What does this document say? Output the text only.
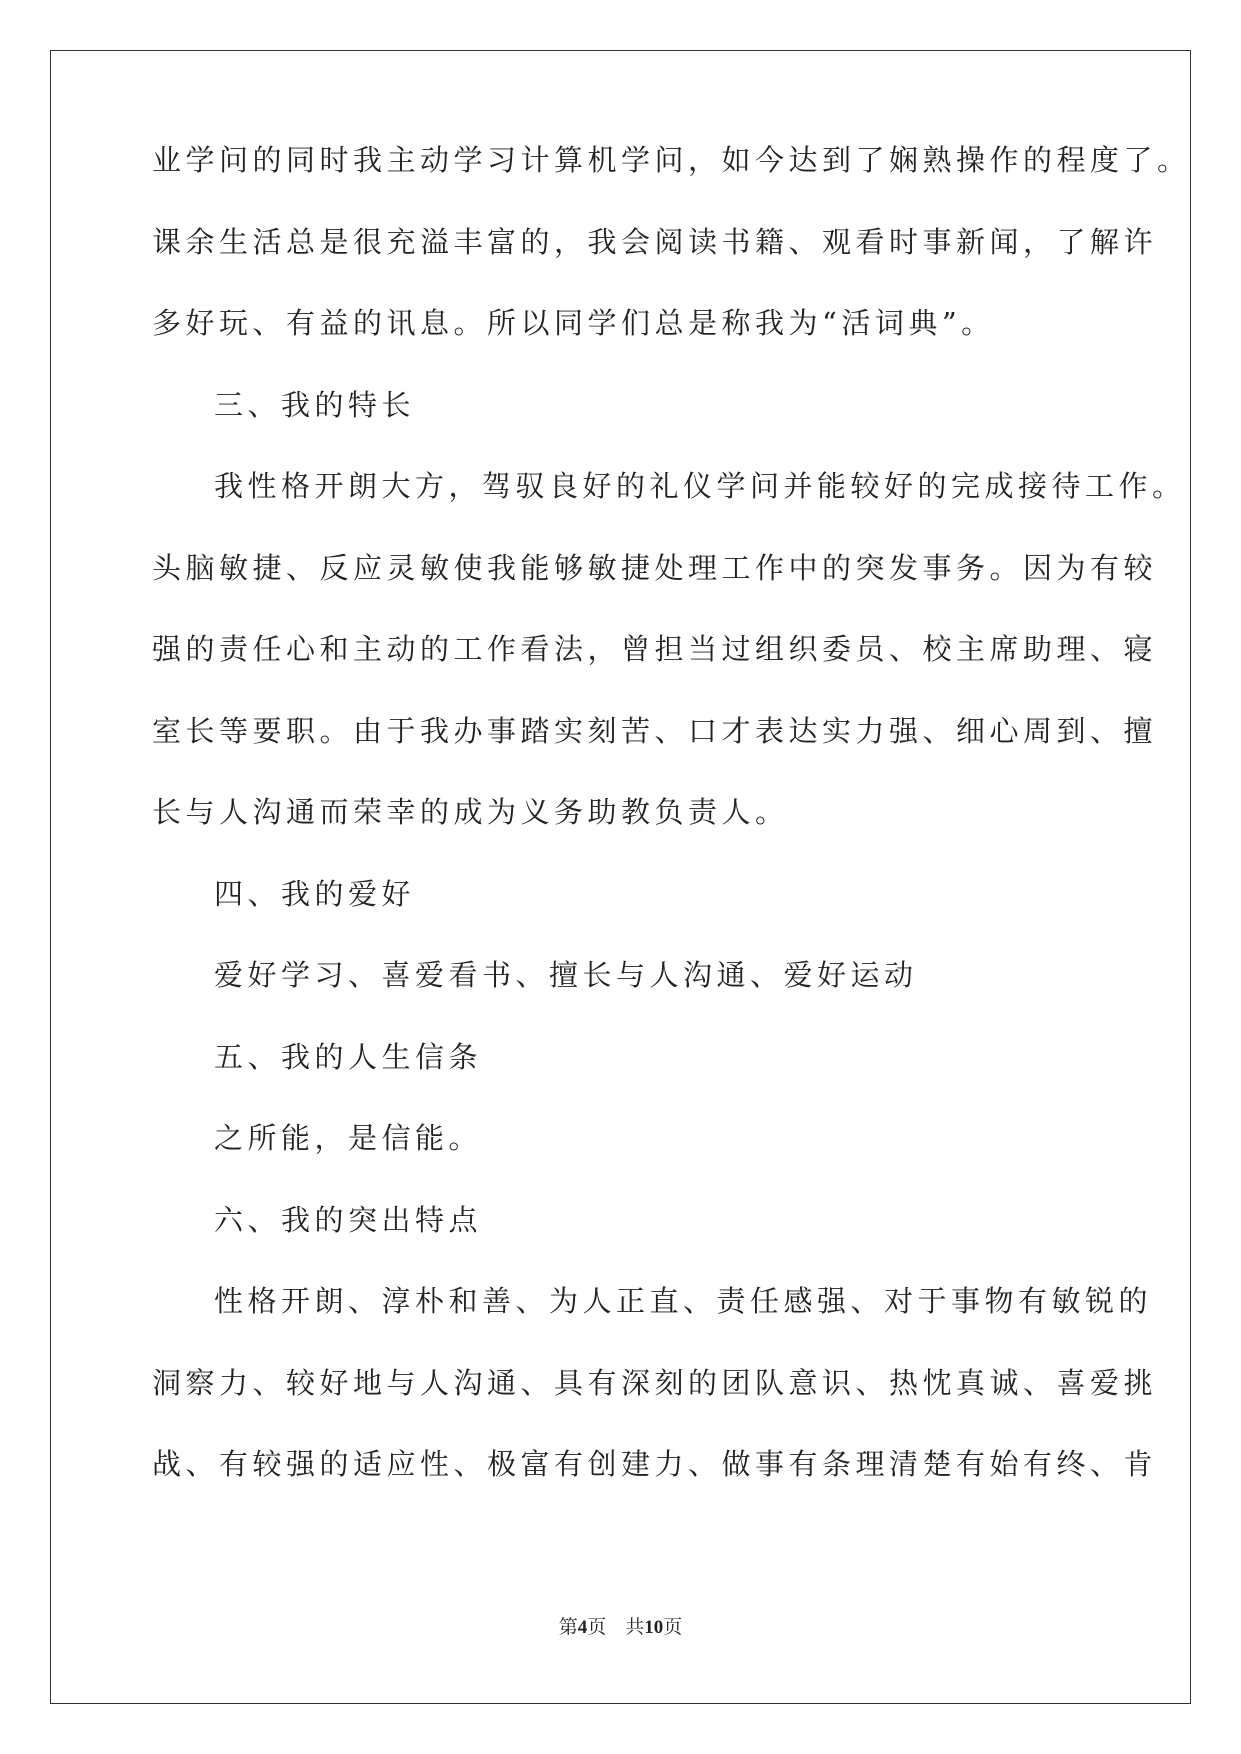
业学问的同时我主动学习计算机学问，如今达到了娴熟操作的程度了。
课余生活总是很充溢丰富的，我会阅读书籍、观看时事新闻，了解许
多好玩、有益的讯息。所以同学们总是称我为“活词典”。
三、我的特长
我性格开朗大方，驾驭良好的礼仪学问并能较好的完成接待工作。
头脑敏捷、反应灵敏使我能够敏捷处理工作中的突发事务。因为有较
强的责任心和主动的工作看法，曾担当过组织委员、校主席助理、寝
室长等要职。由于我办事踏实刻苦、口才表达实力强、细心周到、擅
长与人沟通而荣幸的成为义务助教负责人。
四、我的爱好
爱好学习、喜爱看书、擅长与人沟通、爱好运动
五、我的人生信条
之所能，是信能。
六、我的突出特点
性格开朗、淳朴和善、为人正直、责任感强、对于事物有敏锐的
洞察力、较好地与人沟通、具有深刻的团队意识、热忱真诚、喜爱挑
战、有较强的适应性、极富有创建力、做事有条理清楚有始有终、肯
第4页 共10页
